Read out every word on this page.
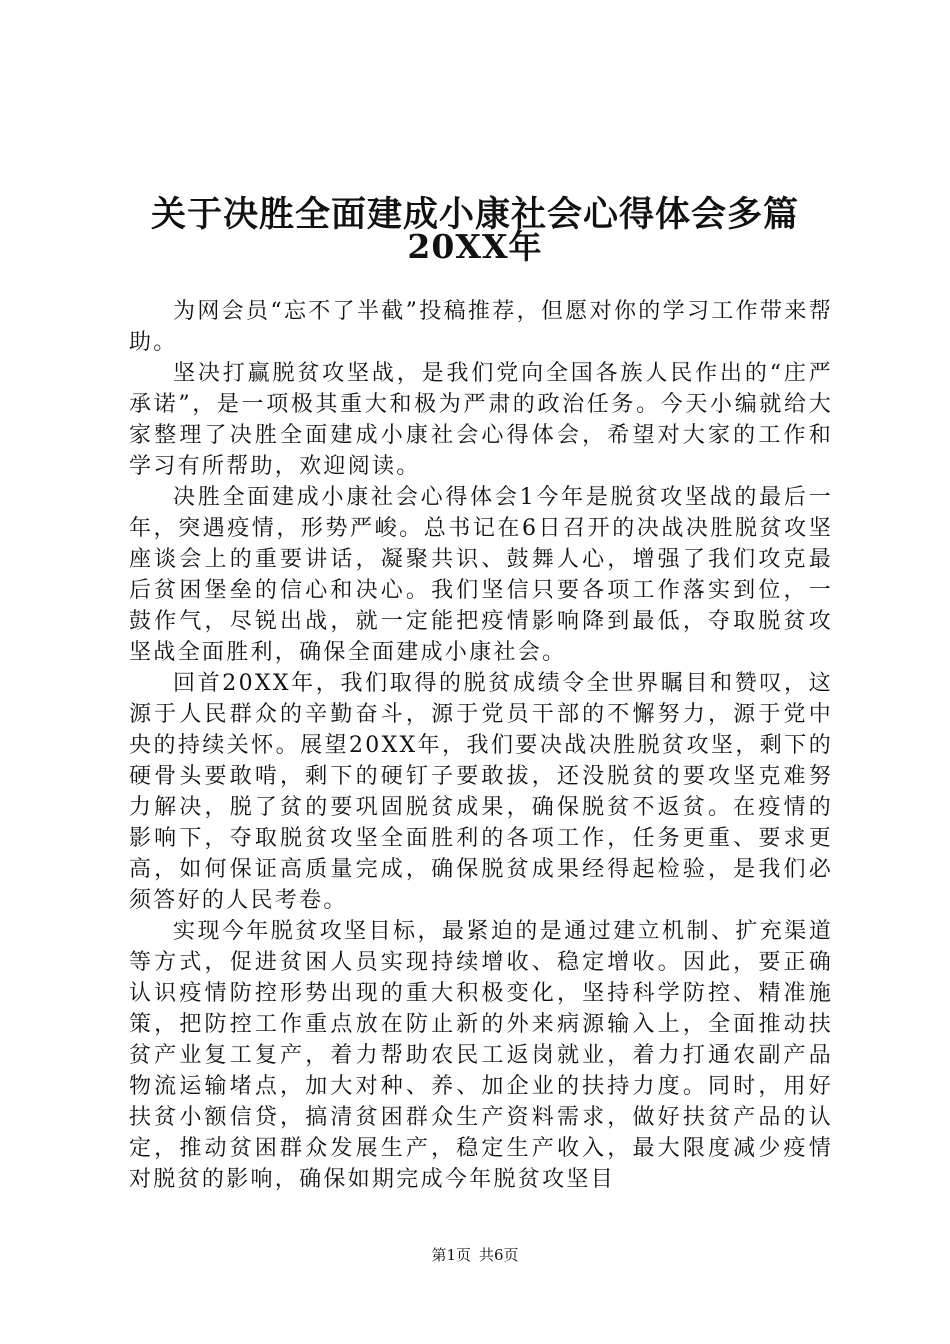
关于决胜全面建成小康社会心得体会多篇
20XX年

为网会员“忘不了半截”投稿推荐，但愿对你的学习工作带来帮助。

坚决打赢脱贫攻坚战，是我们党向全国各族人民作出的“庄严承诺”，是一项极其重大和极为严肃的政治任务。今天小编就给大家整理了决胜全面建成小康社会心得体会，希望对大家的工作和学习有所帮助，欢迎阅读。

决胜全面建成小康社会心得体会1今年是脱贫攻坚战的最后一年，突遇疫情，形势严峻。总书记在6日召开的决战决胜脱贫攻坚座谈会上的重要讲话，凝聚共识、鼓舞人心，增强了我们攻克最后贫困堡垒的信心和决心。我们坚信只要各项工作落实到位，一鼓作气，尽锐出战，就一定能把疫情影响降到最低，夺取脱贫攻坚战全面胜利，确保全面建成小康社会。

回首20XX年，我们取得的脱贫成绩令全世界瞩目和赞叹，这源于人民群众的辛勤奋斗，源于党员干部的不懈努力，源于党中央的持续关怀。展望20XX年，我们要决战决胜脱贫攻坚，剩下的硬骨头要敢啃，剩下的硬钉子要敢拔，还没脱贫的要攻坚克难努力解决，脱了贫的要巩固脱贫成果，确保脱贫不返贫。在疫情的影响下，夺取脱贫攻坚全面胜利的各项工作，任务更重、要求更高，如何保证高质量完成，确保脱贫成果经得起检验，是我们必须答好的人民考卷。

实现今年脱贫攻坚目标，最紧迫的是通过建立机制、扩充渠道等方式，促进贫困人员实现持续增收、稳定增收。因此，要正确认识疫情防控形势出现的重大积极变化，坚持科学防控、精准施策，把防控工作重点放在防止新的外来病源输入上，全面推动扶贫产业复工复产，着力帮助农民工返岗就业，着力打通农副产品物流运输堵点，加大对种、养、加企业的扶持力度。同时，用好扶贫小额信贷，搞清贫困群众生产资料需求，做好扶贫产品的认定，推动贫困群众发展生产，稳定生产收入，最大限度减少疫情对脱贫的影响，确保如期完成今年脱贫攻坚目

第1页 共6页
